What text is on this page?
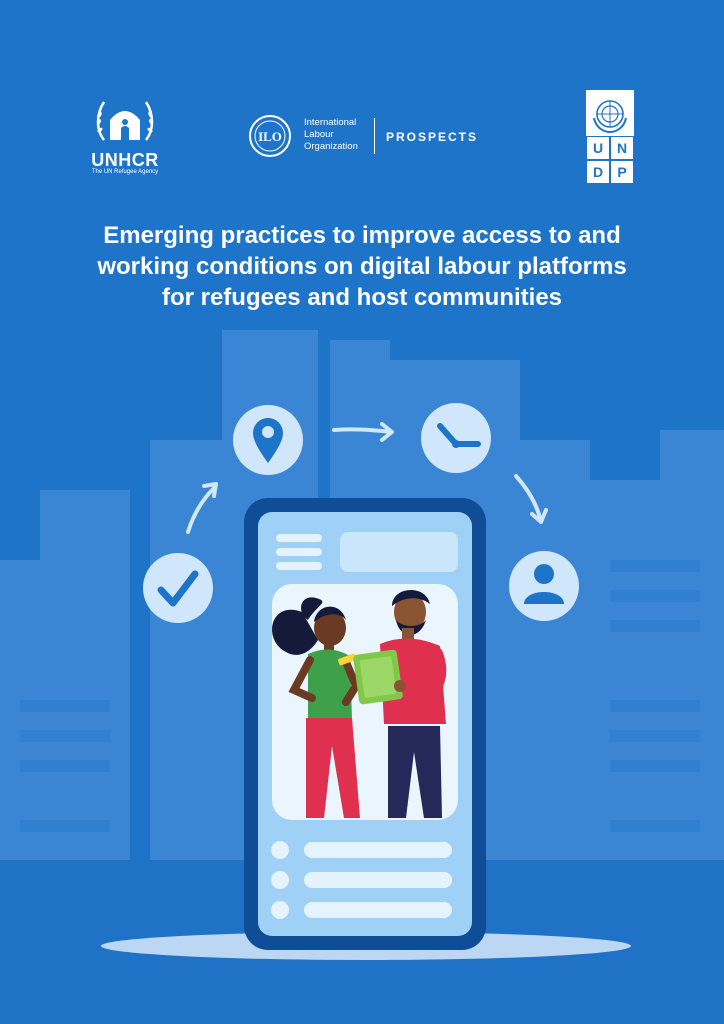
UNHCR
The UN Refugee Agency
ILO
International
Labour
Organization
PROSPECTS
U N
D	P
Emerging practices to improve access to and
working conditions on digital labour platforms
for refugees and host communities
